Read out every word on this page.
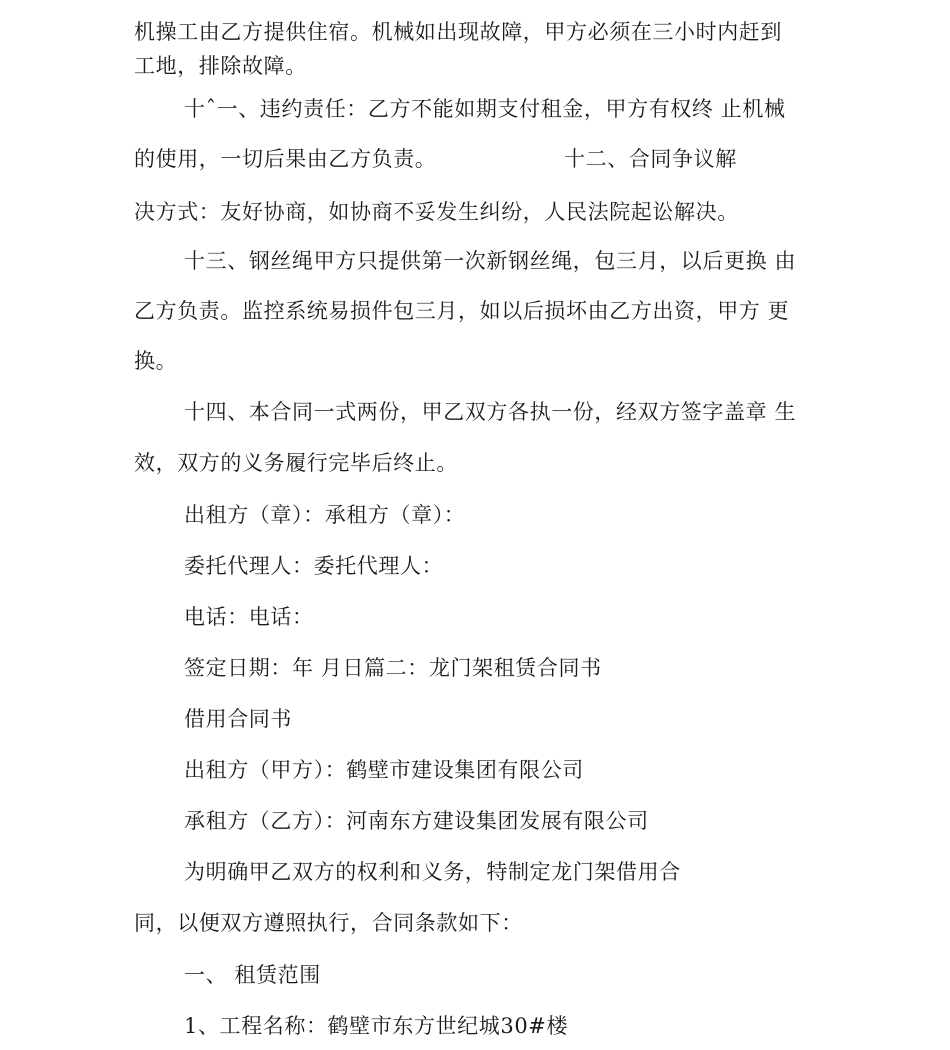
机操工由乙方提供住宿。机械如出现故障，甲方必须在三小时内赶到
工地，排除故障。
十ˆ一、违约责任：乙方不能如期支付租金，甲方有权终 止机械
的使用，一切后果由乙方负责。	十二、合同争议解
决方式：友好协商，如协商不妥发生纠纷，人民法院起讼解决。
十三、钢丝绳甲方只提供第一次新钢丝绳，包三月，以后更换 由
乙方负责。监控系统易损件包三月，如以后损坏由乙方出资，甲方 更
换。
十四、本合同一式两份，甲乙双方各执一份，经双方签字盖章 生
效，双方的义务履行完毕后终止。
出租方（章）：承租方（章）：
委托代理人：委托代理人：
电话：电话：
签定日期：年 月日篇二：龙门架租赁合同书
借用合同书
出租方（甲方）：鹤壁市建设集团有限公司
承租方（乙方）：河南东方建设集团发展有限公司
为明确甲乙双方的权利和义务，特制定龙门架借用合
同，以便双方遵照执行，合同条款如下：
一、 租赁范围
1、工程名称：鹤壁市东方世纪城30#楼
